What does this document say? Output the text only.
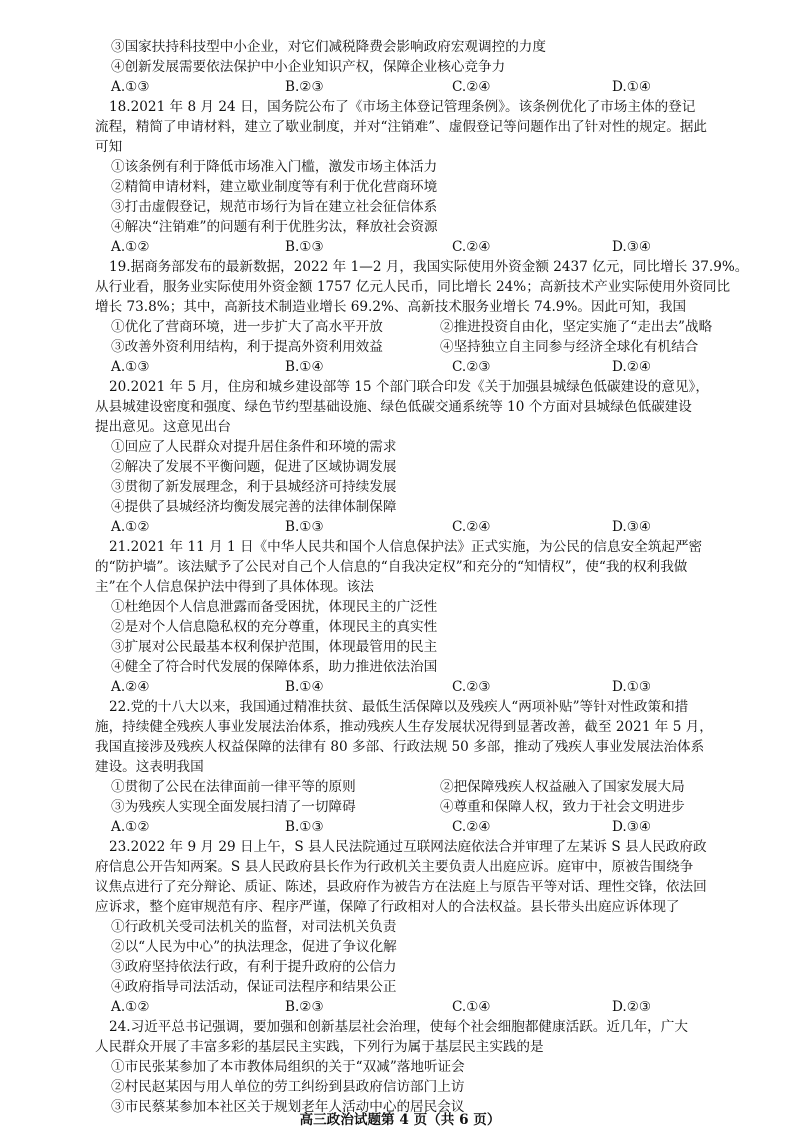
③国家扶持科技型中小企业，对它们减税降费会影响政府宏观调控的力度
④创新发展需要依法保护中小企业知识产权，保障企业核心竞争力
A.①③	B.②③	C.②④	D.①④
18.2021 年 8 月 24 日，国务院公布了《市场主体登记管理条例》。该条例优化了市场主体的登记
流程，精简了申请材料，建立了歇业制度，并对“注销难”、虚假登记等问题作出了针对性的规定。据此
可知
①该条例有利于降低市场准入门槛，激发市场主体活力
②精简申请材料，建立歇业制度等有利于优化营商环境
③打击虚假登记，规范市场行为旨在建立社会征信体系
④解决“注销难”的问题有利于优胜劣汰，释放社会资源
A.①②	B.①③	C.②④	D.③④
19.据商务部发布的最新数据，2022 年 1—2 月，我国实际使用外资金额 2437 亿元，同比增长 37.9%。
从行业看，服务业实际使用外资金额 1757 亿元人民币，同比增长 24%；高新技术产业实际使用外资同比
增长 73.8%；其中，高新技术制造业增长 69.2%、高新技术服务业增长 74.9%。因此可知，我国
①优化了营商环境，进一步扩大了高水平开放	②推进投资自由化，坚定实施了“走出去”战略
③改善外资利用结构，利于提高外资利用效益	④坚持独立自主同参与经济全球化有机结合
A.①③	B.①④	C.②③	D.②④
20.2021 年 5 月，住房和城乡建设部等 15 个部门联合印发《关于加强县城绿色低碳建设的意见》，
从县城建设密度和强度、绿色节约型基础设施、绿色低碳交通系统等 10 个方面对县城绿色低碳建设
提出意见。这意见出台
①回应了人民群众对提升居住条件和环境的需求
②解决了发展不平衡问题，促进了区域协调发展
③贯彻了新发展理念，利于县城经济可持续发展
④提供了县城经济均衡发展完善的法律体制保障
A.①②	B.①③	C.②④	D.③④
21.2021 年 11 月 1 日《中华人民共和国个人信息保护法》正式实施，为公民的信息安全筑起严密
的“防护墙”。该法赋予了公民对自己个人信息的“自我决定权”和充分的“知情权”，使“我的权利我做
主”在个人信息保护法中得到了具体体现。该法
①杜绝因个人信息泄露而备受困扰，体现民主的广泛性
②是对个人信息隐私权的充分尊重，体现民主的真实性
③扩展对公民最基本权利保护范围，体现最管用的民主
④健全了符合时代发展的保障体系，助力推进依法治国
A.②④	B.①④	C.②③	D.①③
22.党的十八大以来，我国通过精准扶贫、最低生活保障以及残疾人“两项补贴”等针对性政策和措
施，持续健全残疾人事业发展法治体系，推动残疾人生存发展状况得到显著改善，截至 2021 年 5 月，
我国直接涉及残疾人权益保障的法律有 80 多部、行政法规 50 多部，推动了残疾人事业发展法治体系
建设。这表明我国
①贯彻了公民在法律面前一律平等的原则	②把保障残疾人权益融入了国家发展大局
③为残疾人实现全面发展扫清了一切障碍	④尊重和保障人权，致力于社会文明进步
A.①②	B.①③	C.②④	D.③④
23.2022 年 9 月 29 日上午，S 县人民法院通过互联网法庭依法合并审理了左某诉 S 县人民政府政
府信息公开告知两案。S 县人民政府县长作为行政机关主要负责人出庭应诉。庭审中，原被告围绕争
议焦点进行了充分辩论、质证、陈述，县政府作为被告方在法庭上与原告平等对话、理性交锋，依法回
应诉求，整个庭审规范有序、程序严谨，保障了行政相对人的合法权益。县长带头出庭应诉体现了
①行政机关受司法机关的监督，对司法机关负责
②以“人民为中心”的执法理念，促进了争议化解
③政府坚持依法行政，有利于提升政府的公信力
④政府指导司法活动，保证司法程序和结果公正
A.①②	B.②③	C.①④	D.②③
24.习近平总书记强调，要加强和创新基层社会治理，使每个社会细胞都健康活跃。近几年，广大
人民群众开展了丰富多彩的基层民主实践，下列行为属于基层民主实践的是
①市民张某参加了本市教体局组织的关于“双减”落地听证会
②村民赵某因与用人单位的劳工纠纷到县政府信访部门上访
③市民蔡某参加本社区关于规划老年人活动中心的居民会议
高三政治试题第 4 页（共 6 页）
